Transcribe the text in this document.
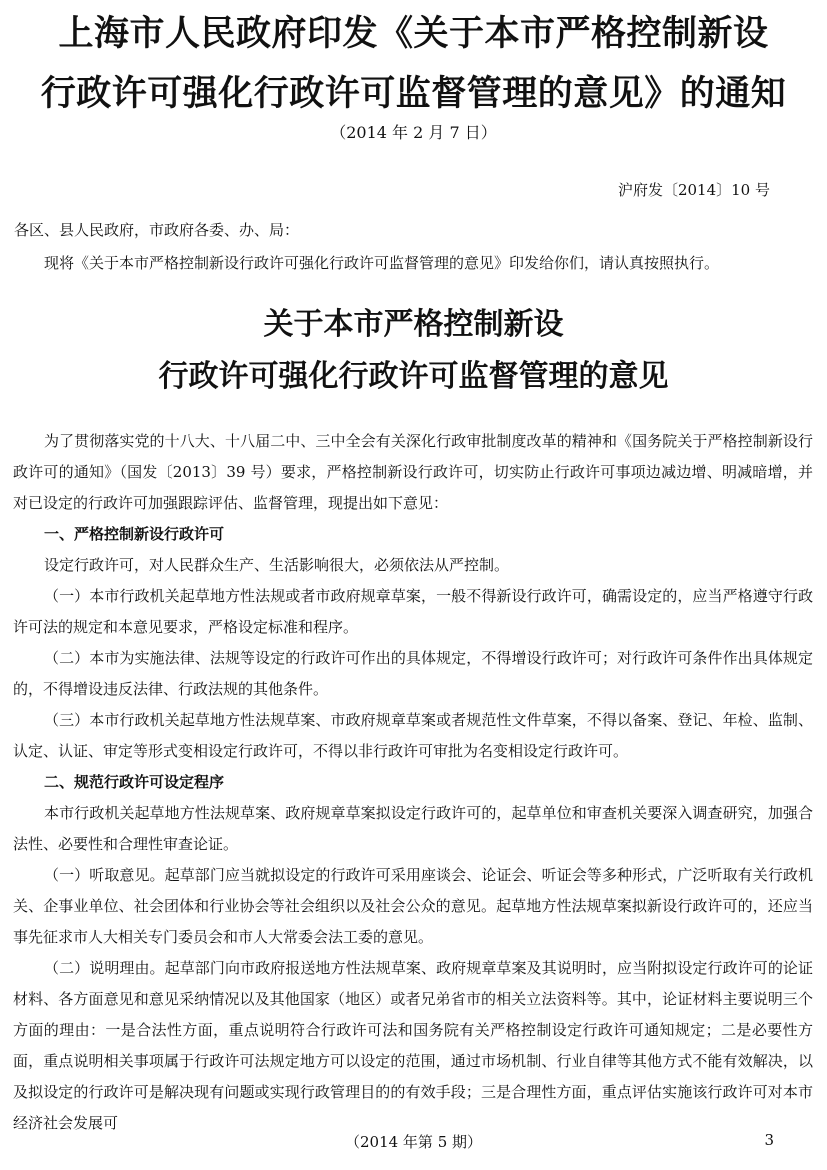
上海市人民政府印发《关于本市严格控制新设
行政许可强化行政许可监督管理的意见》的通知
（2014 年 2 月 7 日）
沪府发〔2014〕10 号
各区、县人民政府，市政府各委、办、局：
现将《关于本市严格控制新设行政许可强化行政许可监督管理的意见》印发给你们，请认真按照执行。
关于本市严格控制新设
行政许可强化行政许可监督管理的意见

为了贯彻落实党的十八大、十八届二中、三中全会有关深化行政审批制度改革的精神和《国务院关于严格控制新设行政许可的通知》（国发〔2013〕39 号）要求，严格控制新设行政许可，切实防止行政许可事项边减边增、明减暗增，并对已设定的行政许可加强跟踪评估、监督管理，现提出如下意见：

一、严格控制新设行政许可

设定行政许可，对人民群众生产、生活影响很大，必须依法从严控制。

（一）本市行政机关起草地方性法规或者市政府规章草案，一般不得新设行政许可，确需设定的，应当严格遵守行政许可法的规定和本意见要求，严格设定标准和程序。

（二）本市为实施法律、法规等设定的行政许可作出的具体规定，不得增设行政许可；对行政许可条件作出具体规定的，不得增设违反法律、行政法规的其他条件。

（三）本市行政机关起草地方性法规草案、市政府规章草案或者规范性文件草案，不得以备案、登记、年检、监制、认定、认证、审定等形式变相设定行政许可，不得以非行政许可审批为名变相设定行政许可。

二、规范行政许可设定程序

本市行政机关起草地方性法规草案、政府规章草案拟设定行政许可的，起草单位和审查机关要深入调查研究，加强合法性、必要性和合理性审查论证。

（一）听取意见。起草部门应当就拟设定的行政许可采用座谈会、论证会、听证会等多种形式，广泛听取有关行政机关、企事业单位、社会团体和行业协会等社会组织以及社会公众的意见。起草地方性法规草案拟新设行政许可的，还应当事先征求市人大相关专门委员会和市人大常委会法工委的意见。

（二）说明理由。起草部门向市政府报送地方性法规草案、政府规章草案及其说明时，应当附拟设定行政许可的论证材料、各方面意见和意见采纳情况以及其他国家（地区）或者兄弟省市的相关立法资料等。其中，论证材料主要说明三个方面的理由：一是合法性方面，重点说明符合行政许可法和国务院有关严格控制设定行政许可通知规定；二是必要性方面，重点说明相关事项属于行政许可法规定地方可以设定的范围，通过市场机制、行业自律等其他方式不能有效解决，以及拟设定的行政许可是解决现有问题或实现行政管理目的的有效手段；三是合理性方面，重点评估实施该行政许可对本市经济社会发展可

（2014 年第 5 期）	3
